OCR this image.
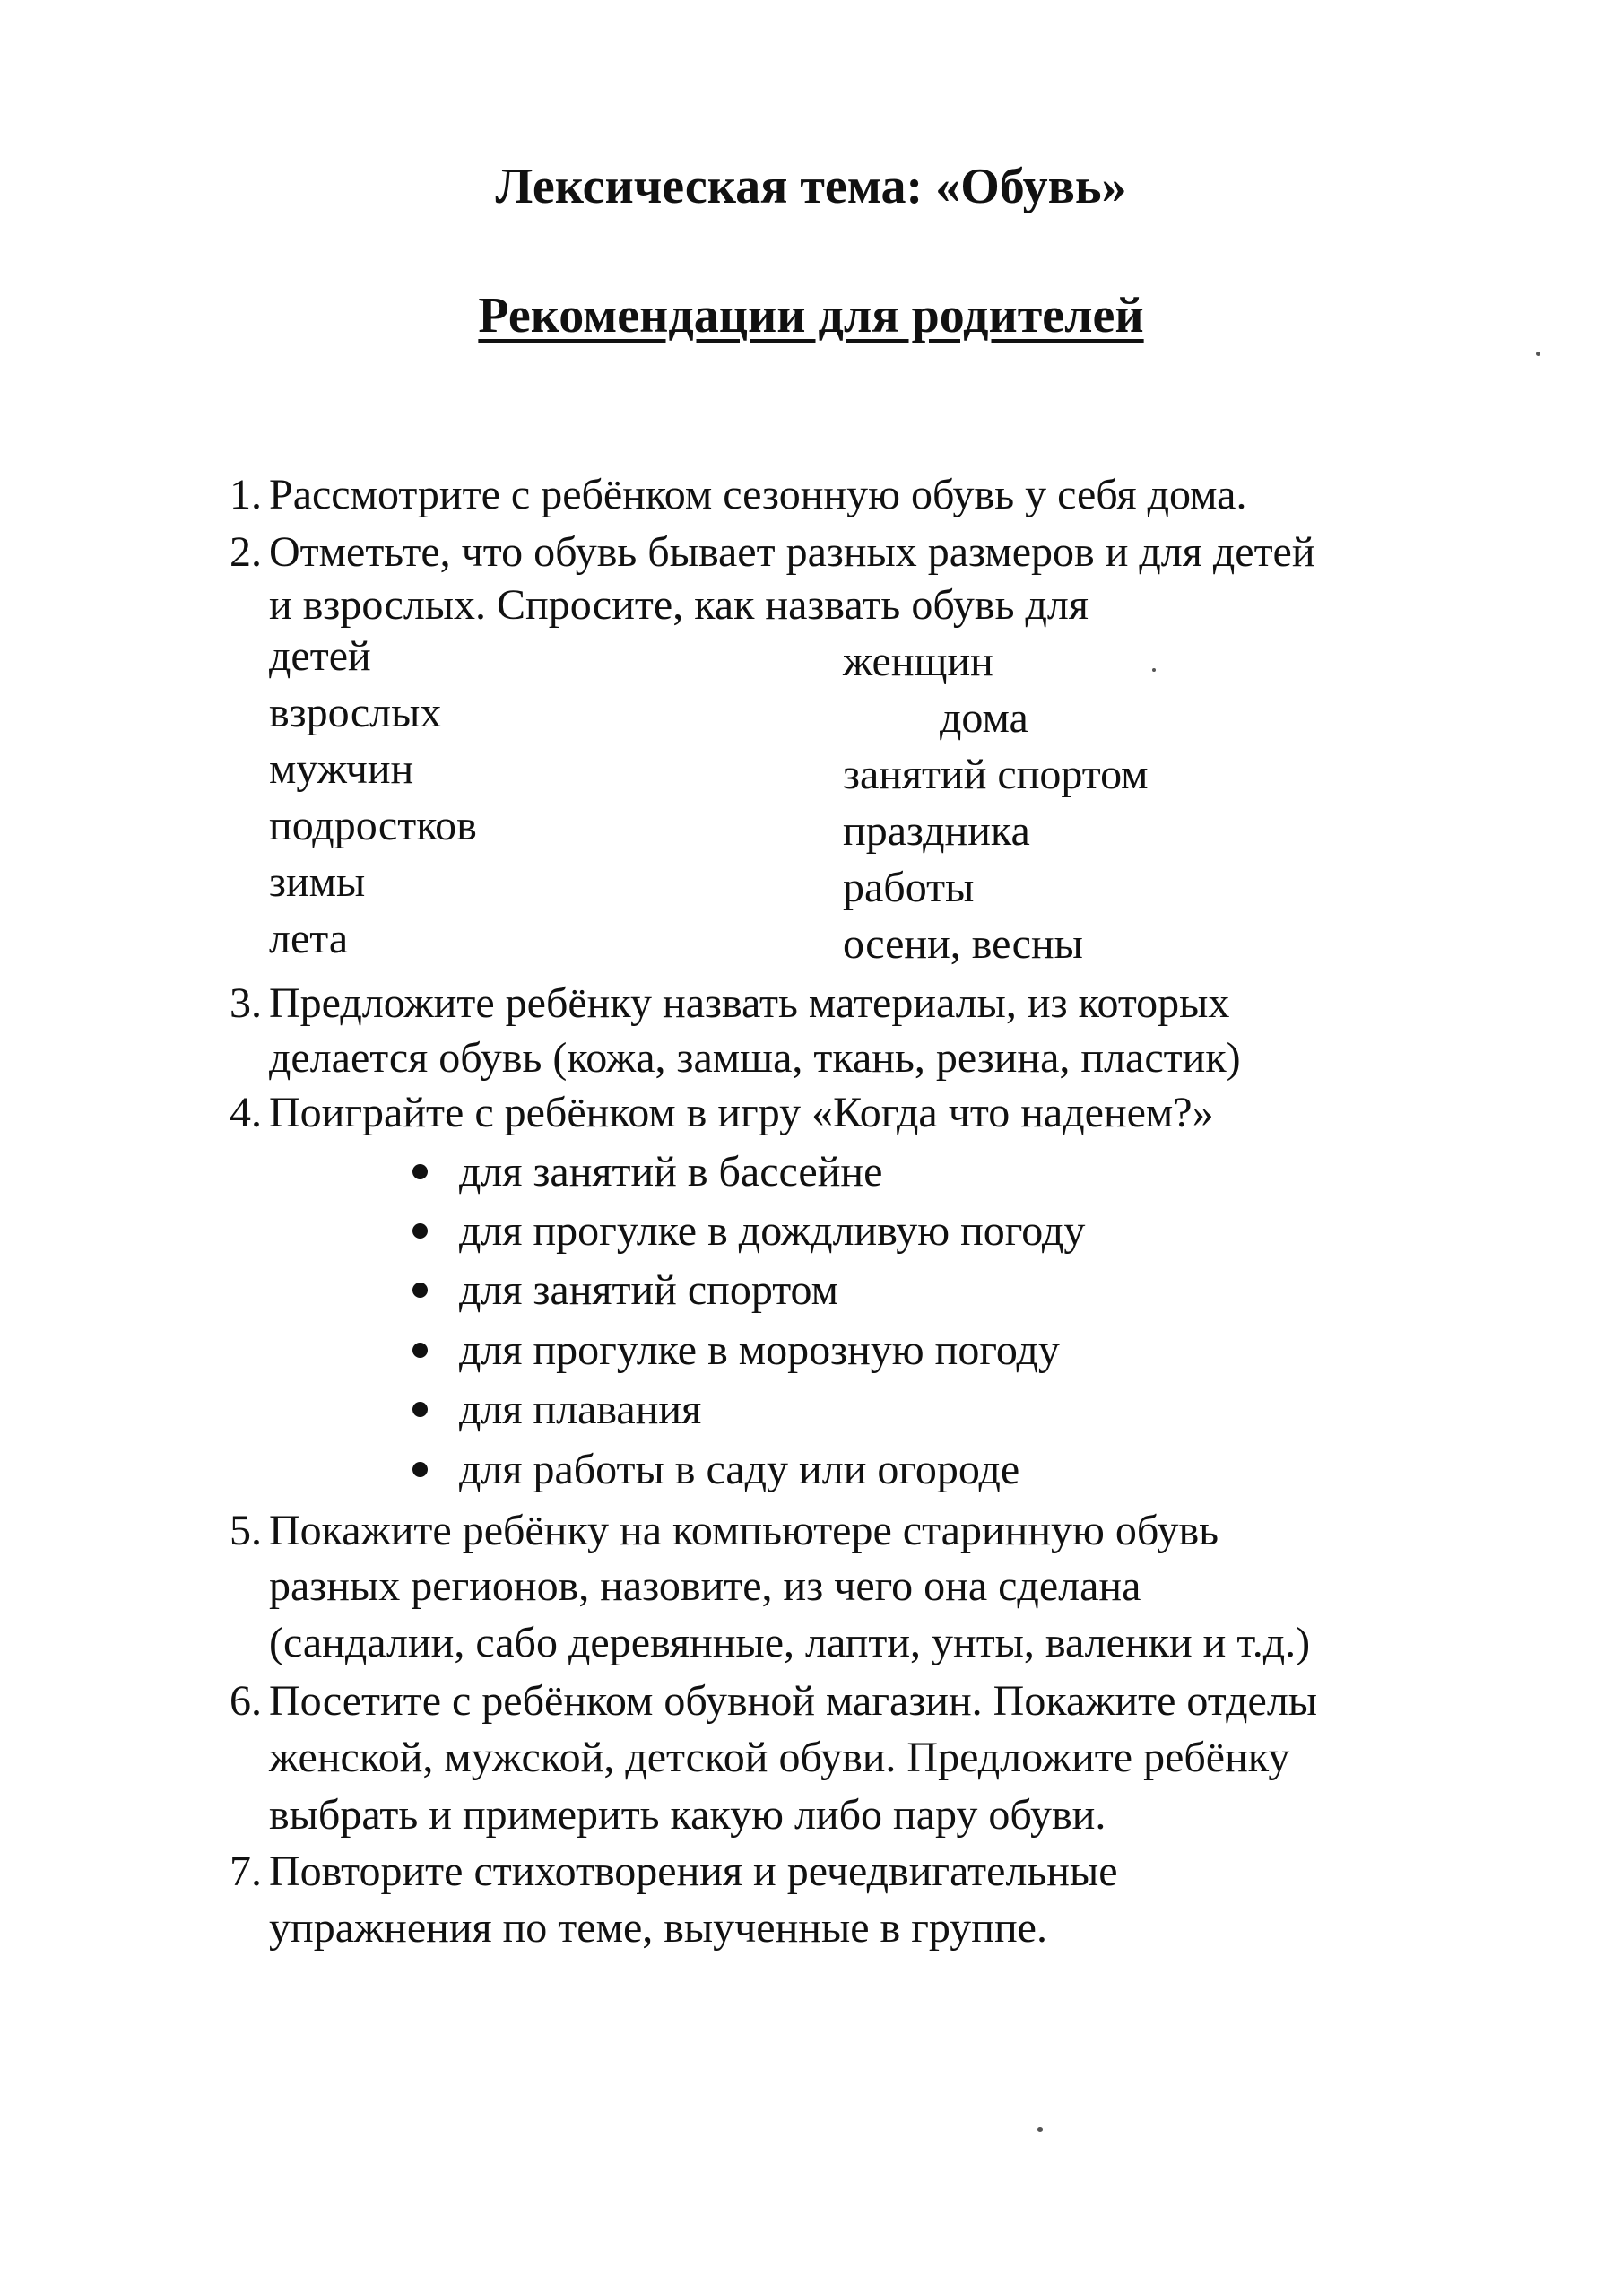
Лексическая тема: «Обувь»
Рекомендации для родителей
1. Рассмотрите с ребёнком сезонную обувь у себя дома.
2. Отметьте, что обувь бывает разных размеров и для детей
и взрослых. Спросите, как назвать обувь для
детей
взрослых
мужчин
подростков
зимы
лета
женщин
дома
занятий спортом
праздника
работы
осени, весны
3. Предложите ребёнку назвать материалы, из которых
делается обувь (кожа, замша, ткань, резина, пластик)
4. Поиграйте с ребёнком в игру «Когда что наденем?»
для занятий в бассейне
для прогулке в дождливую погоду
для занятий спортом
для прогулке в морозную погоду
для плавания
для работы в саду или огороде
5. Покажите ребёнку на компьютере старинную обувь
разных регионов, назовите, из чего она сделана
(сандалии, сабо деревянные, лапти, унты, валенки и т.д.)
6. Посетите с ребёнком обувной магазин. Покажите отделы
женской, мужской, детской обуви. Предложите ребёнку
выбрать и примерить какую либо пару обуви.
7. Повторите стихотворения и речедвигательные
упражнения по теме, выученные в группе.
